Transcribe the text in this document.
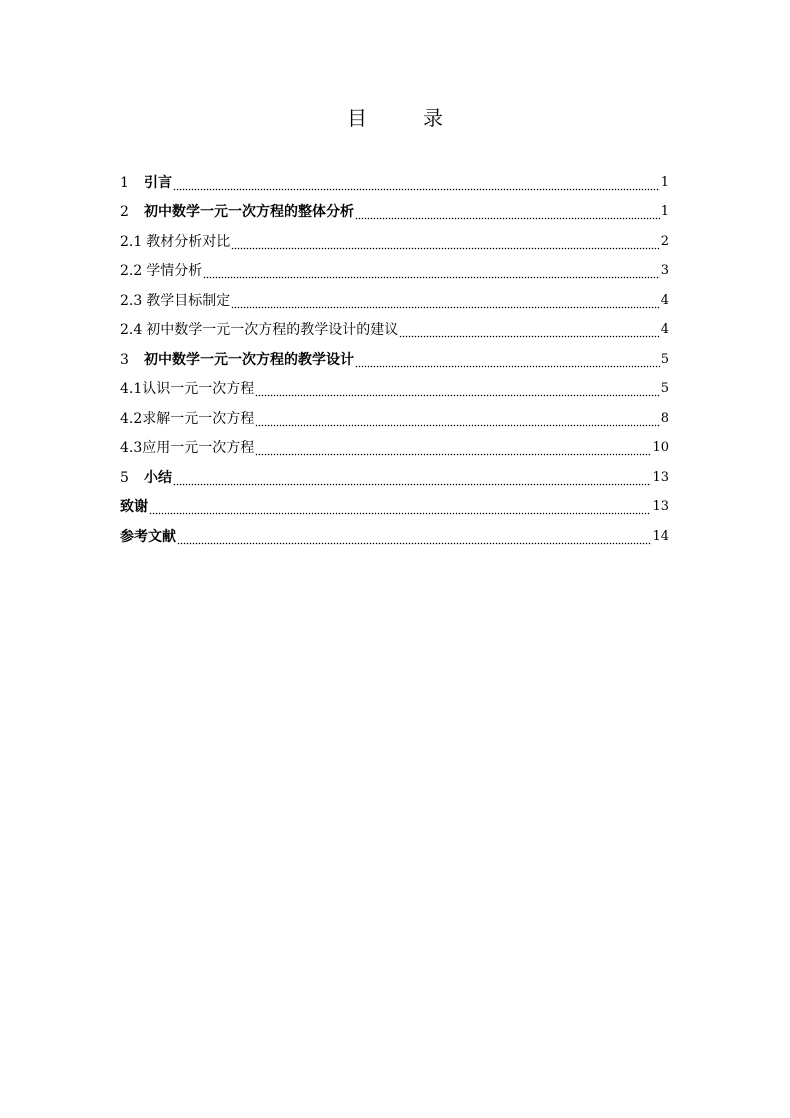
目　录
1	引言	1
2	初中数学一元一次方程的整体分析	1
2.1 教材分析对比	2
2.2 学情分析	3
2.3 教学目标制定	4
2.4 初中数学一元一次方程的教学设计的建议	4
3	初中数学一元一次方程的教学设计	5
4.1 认识一元一次方程	5
4.2 求解一元一次方程	8
4.3 应用一元一次方程	10
5	小结	13
致谢	13
参考文献	14
